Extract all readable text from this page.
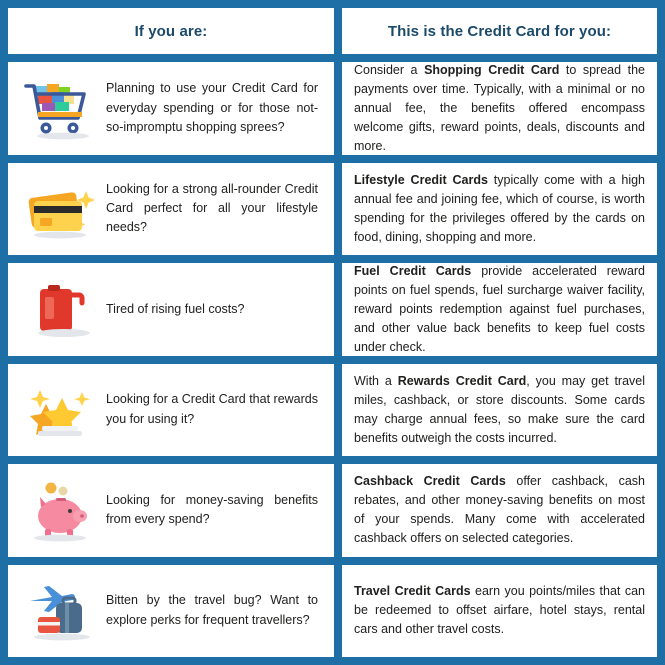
If you are:	This is the Credit Card for you:
Planning to use your Credit Card for everyday spending or for those not-so-impromptu shopping sprees?
Consider a Shopping Credit Card to spread the payments over time. Typically, with a minimal or no annual fee, the benefits offered encompass welcome gifts, reward points, deals, discounts and more.
Looking for a strong all-rounder Credit Card perfect for all your lifestyle needs?
Lifestyle Credit Cards typically come with a high annual fee and joining fee, which of course, is worth spending for the privileges offered by the cards on food, dining, shopping and more.
Tired of rising fuel costs?
Fuel Credit Cards provide accelerated reward points on fuel spends, fuel surcharge waiver facility, reward points redemption against fuel purchases, and other value back benefits to keep fuel costs under check.
Looking for a Credit Card that rewards you for using it?
With a Rewards Credit Card, you may get travel miles, cashback, or store discounts. Some cards may charge annual fees, so make sure the card benefits outweigh the costs incurred.
Looking for money-saving benefits from every spend?
Cashback Credit Cards offer cashback, cash rebates, and other money-saving benefits on most of your spends. Many come with accelerated cashback offers on selected categories.
Bitten by the travel bug? Want to explore perks for frequent travellers?
Travel Credit Cards earn you points/miles that can be redeemed to offset airfare, hotel stays, rental cars and other travel costs.
